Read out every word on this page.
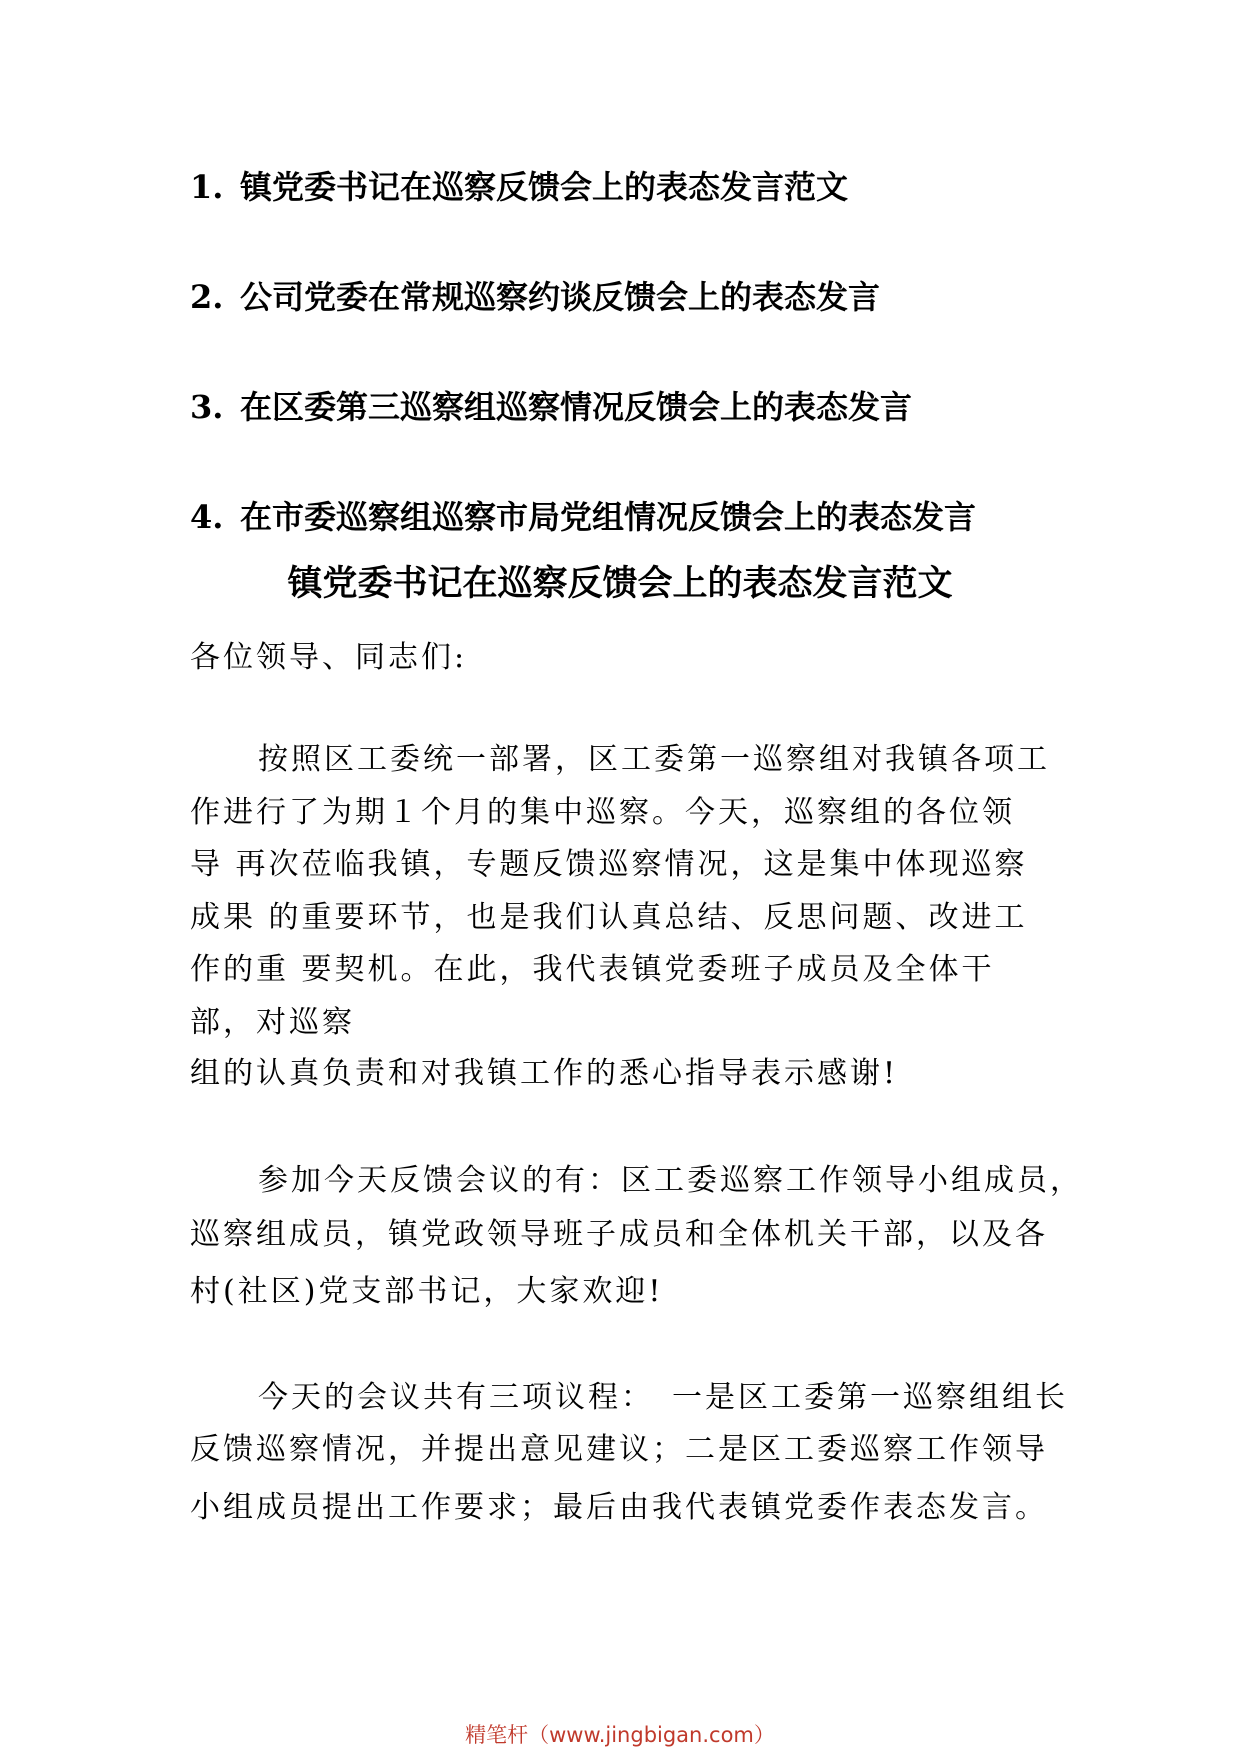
1. 镇党委书记在巡察反馈会上的表态发言范文
2. 公司党委在常规巡察约谈反馈会上的表态发言
3. 在区委第三巡察组巡察情况反馈会上的表态发言
4. 在市委巡察组巡察市局党组情况反馈会上的表态发言
镇党委书记在巡察反馈会上的表态发言范文

各位领导、同志们:

按照区工委统一部署，区工委第一巡察组对我镇各项工
作进行了为期１个月的集中巡察。今天，巡察组的各位领
导 再次莅临我镇，专题反馈巡察情况，这是集中体现巡察
成果 的重要环节，也是我们认真总结、反思问题、改进工
作的重 要契机。在此，我代表镇党委班子成员及全体干
部，对巡察

组的认真负责和对我镇工作的悉心指导表示感谢!

参加今天反馈会议的有：区工委巡察工作领导小组成员，
巡察组成员，镇党政领导班子成员和全体机关干部，以及各

村(社区)党支部书记，大家欢迎!

今天的会议共有三项议程：　一是区工委第一巡察组组长
反馈巡察情况，并提出意见建议；二是区工委巡察工作领导

小组成员提出工作要求；最后由我代表镇党委作表态发言。

精笔杆（www.jingbigan.com）
